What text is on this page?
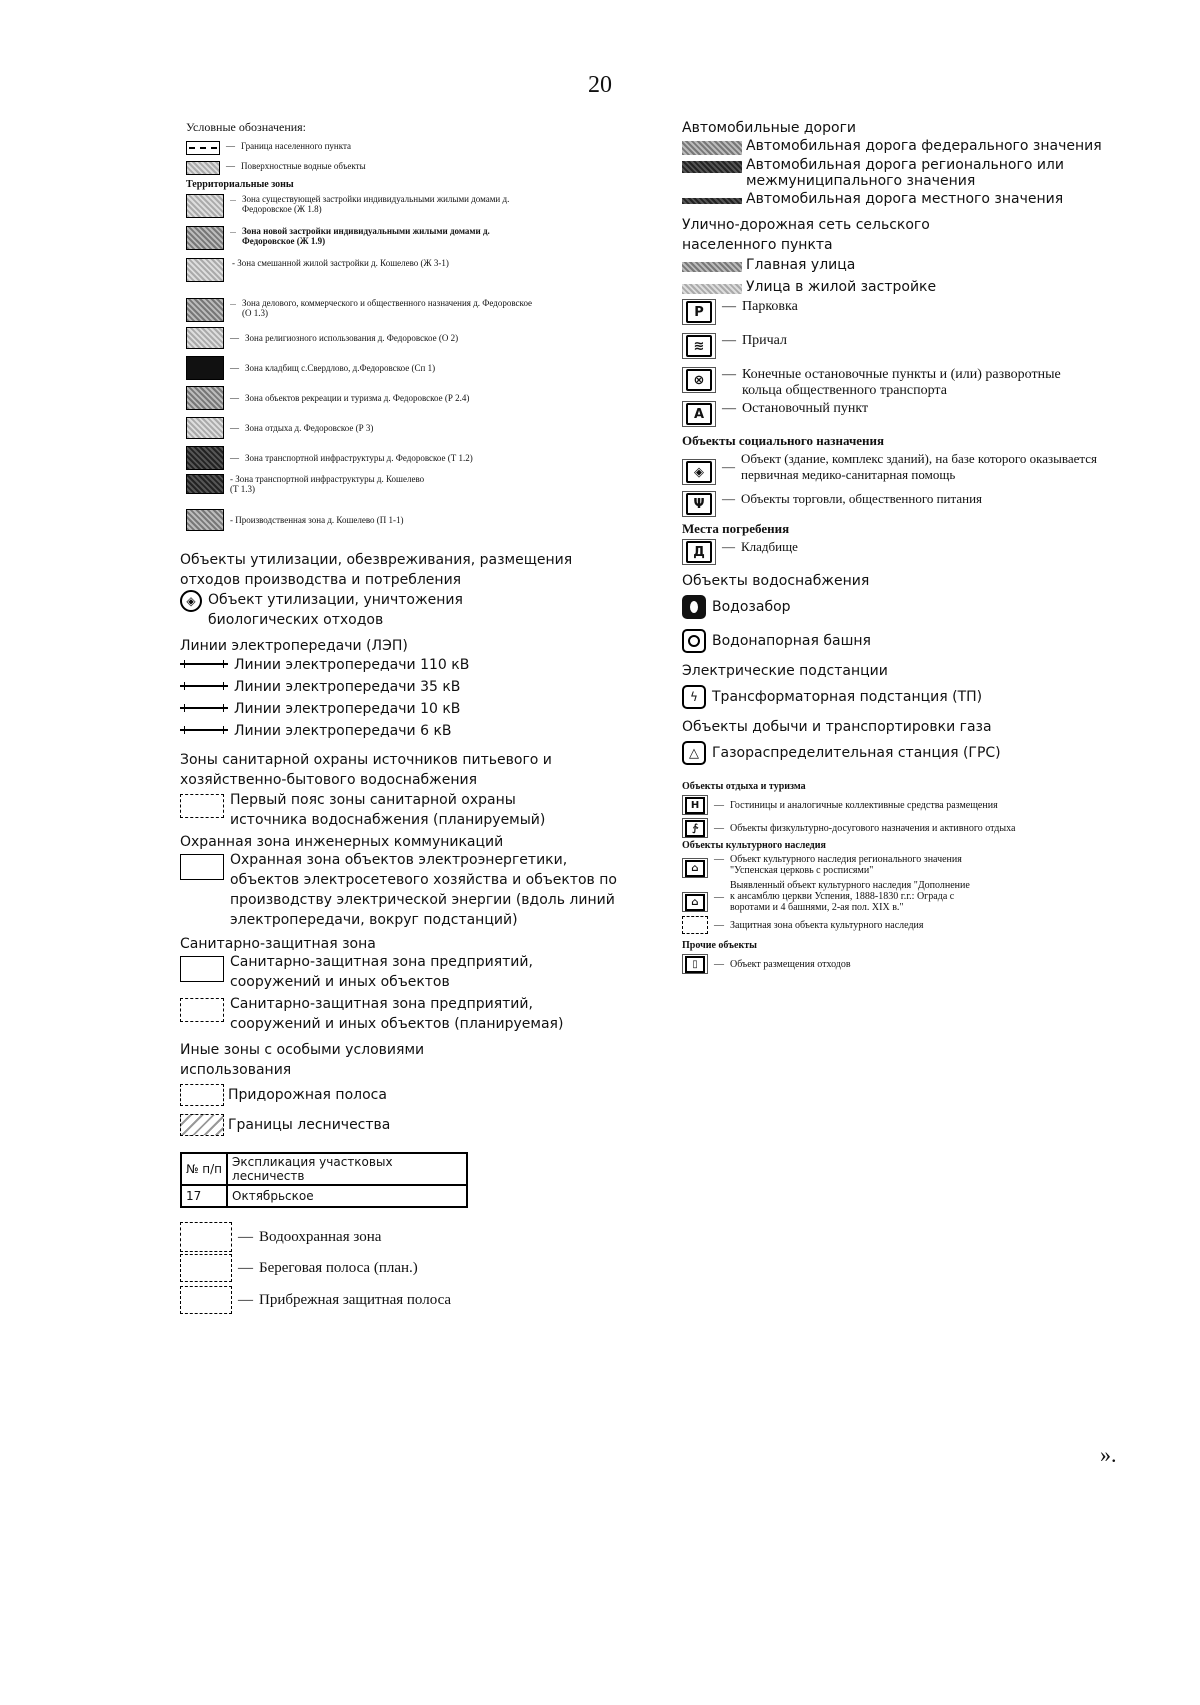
20
Условные обозначения:
— Граница населенного пункта
— Поверхностные водные объекты
Территориальные зоны
... Зона существующей застройки индивидуальными жилыми домами д. Федоровское (Ж 1.8)
... Зона новой застройки индивидуальными жилыми домами д. Федоровское (Ж 1.9)
- Зона смешанной жилой застройки д. Кошелево (Ж 3-1)
... Зона делового, коммерческого и общественного назначения д. Федоровское (О 1.3)
— Зона религиозного использования д. Федоровское (О 2)
— Зона кладбищ с.Свердлово, д.Федоровское (Сп 1)
— Зона объектов рекреации и туризма д. Федоровское (Р 2.4)
— Зона отдыха д. Федоровское (Р 3)
— Зона транспортной инфраструктуры д. Федоровское (Т 1.2)
- Зона транспортной инфраструктуры д. Кошелево (Т 1.3)
- Производственная зона д. Кошелево (П 1-1)
Объекты утилизации, обезвреживания, размещения отходов производства и потребления
◈ Объект утилизации, уничтожения биологических отходов
Линии электропередачи (ЛЭП)
Линии электропередачи 110 кВ
Линии электропередачи 35 кВ
Линии электропередачи 10 кВ
Линии электропередачи 6 кВ
Зоны санитарной охраны источников питьевого и хозяйственно-бытового водоснабжения
Первый пояс зоны санитарной охраны источника водоснабжения (планируемый)
Охранная зона инженерных коммуникаций
Охранная зона объектов электроэнергетики, объектов электросетевого хозяйства и объектов по производству электрической энергии (вдоль линий электропередачи, вокруг подстанций)
Санитарно-защитная зона
Санитарно-защитная зона предприятий, сооружений и иных объектов
Санитарно-защитная зона предприятий, сооружений и иных объектов (планируемая)
Иные зоны с особыми условиями использования
Придорожная полоса
Границы лесничества
№ п/п	Экспликация участковых лесничеств
17	Октябрьское
— Водоохранная зона
— Береговая полоса (план.)
— Прибрежная защитная полоса
Автомобильные дороги
Автомобильная дорога федерального значения
Автомобильная дорога регионального или межмуниципального значения
Автомобильная дорога местного значения
Улично-дорожная сеть сельского населенного пункта
Главная улица
Улица в жилой застройке
P	— Парковка
≋	— Причал
⊗	— Конечные остановочные пункты и (или) разворотные кольца общественного транспорта
A	— Остановочный пункт
Объекты социального назначения
◈	—
Объект (здание, комплекс зданий), на базе которого оказывается первичная медико-санитарная помощь
Ψ	— Объекты торговли, общественного питания
Места погребения
Д	— Кладбище
Объекты водоснабжения
Водозабор
Водонапорная башня
Электрические подстанции
ϟ	Трансформаторная подстанция (ТП)
Объекты добычи и транспортировки газа
△ Газораспределительная станция (ГРС)
Объекты отдыха и туризма
H	— Гостиницы и аналогичные коллективные средства размещения
∱	— Объекты физкультурно-досугового назначения и активного отдыха
Объекты культурного наследия
⌂
— Объект культурного наследия регионального значения "Успенская церковь с росписями"
⌂	—
Выявленный объект культурного наследия "Дополнение к ансамблю церкви Успения, 1888-1830 г.г.: Ограда с воротами и 4 башнями, 2-ая пол. XIX в."
— Защитная зона объекта культурного наследия
Прочие объекты
▯	— Объект размещения отходов
».
